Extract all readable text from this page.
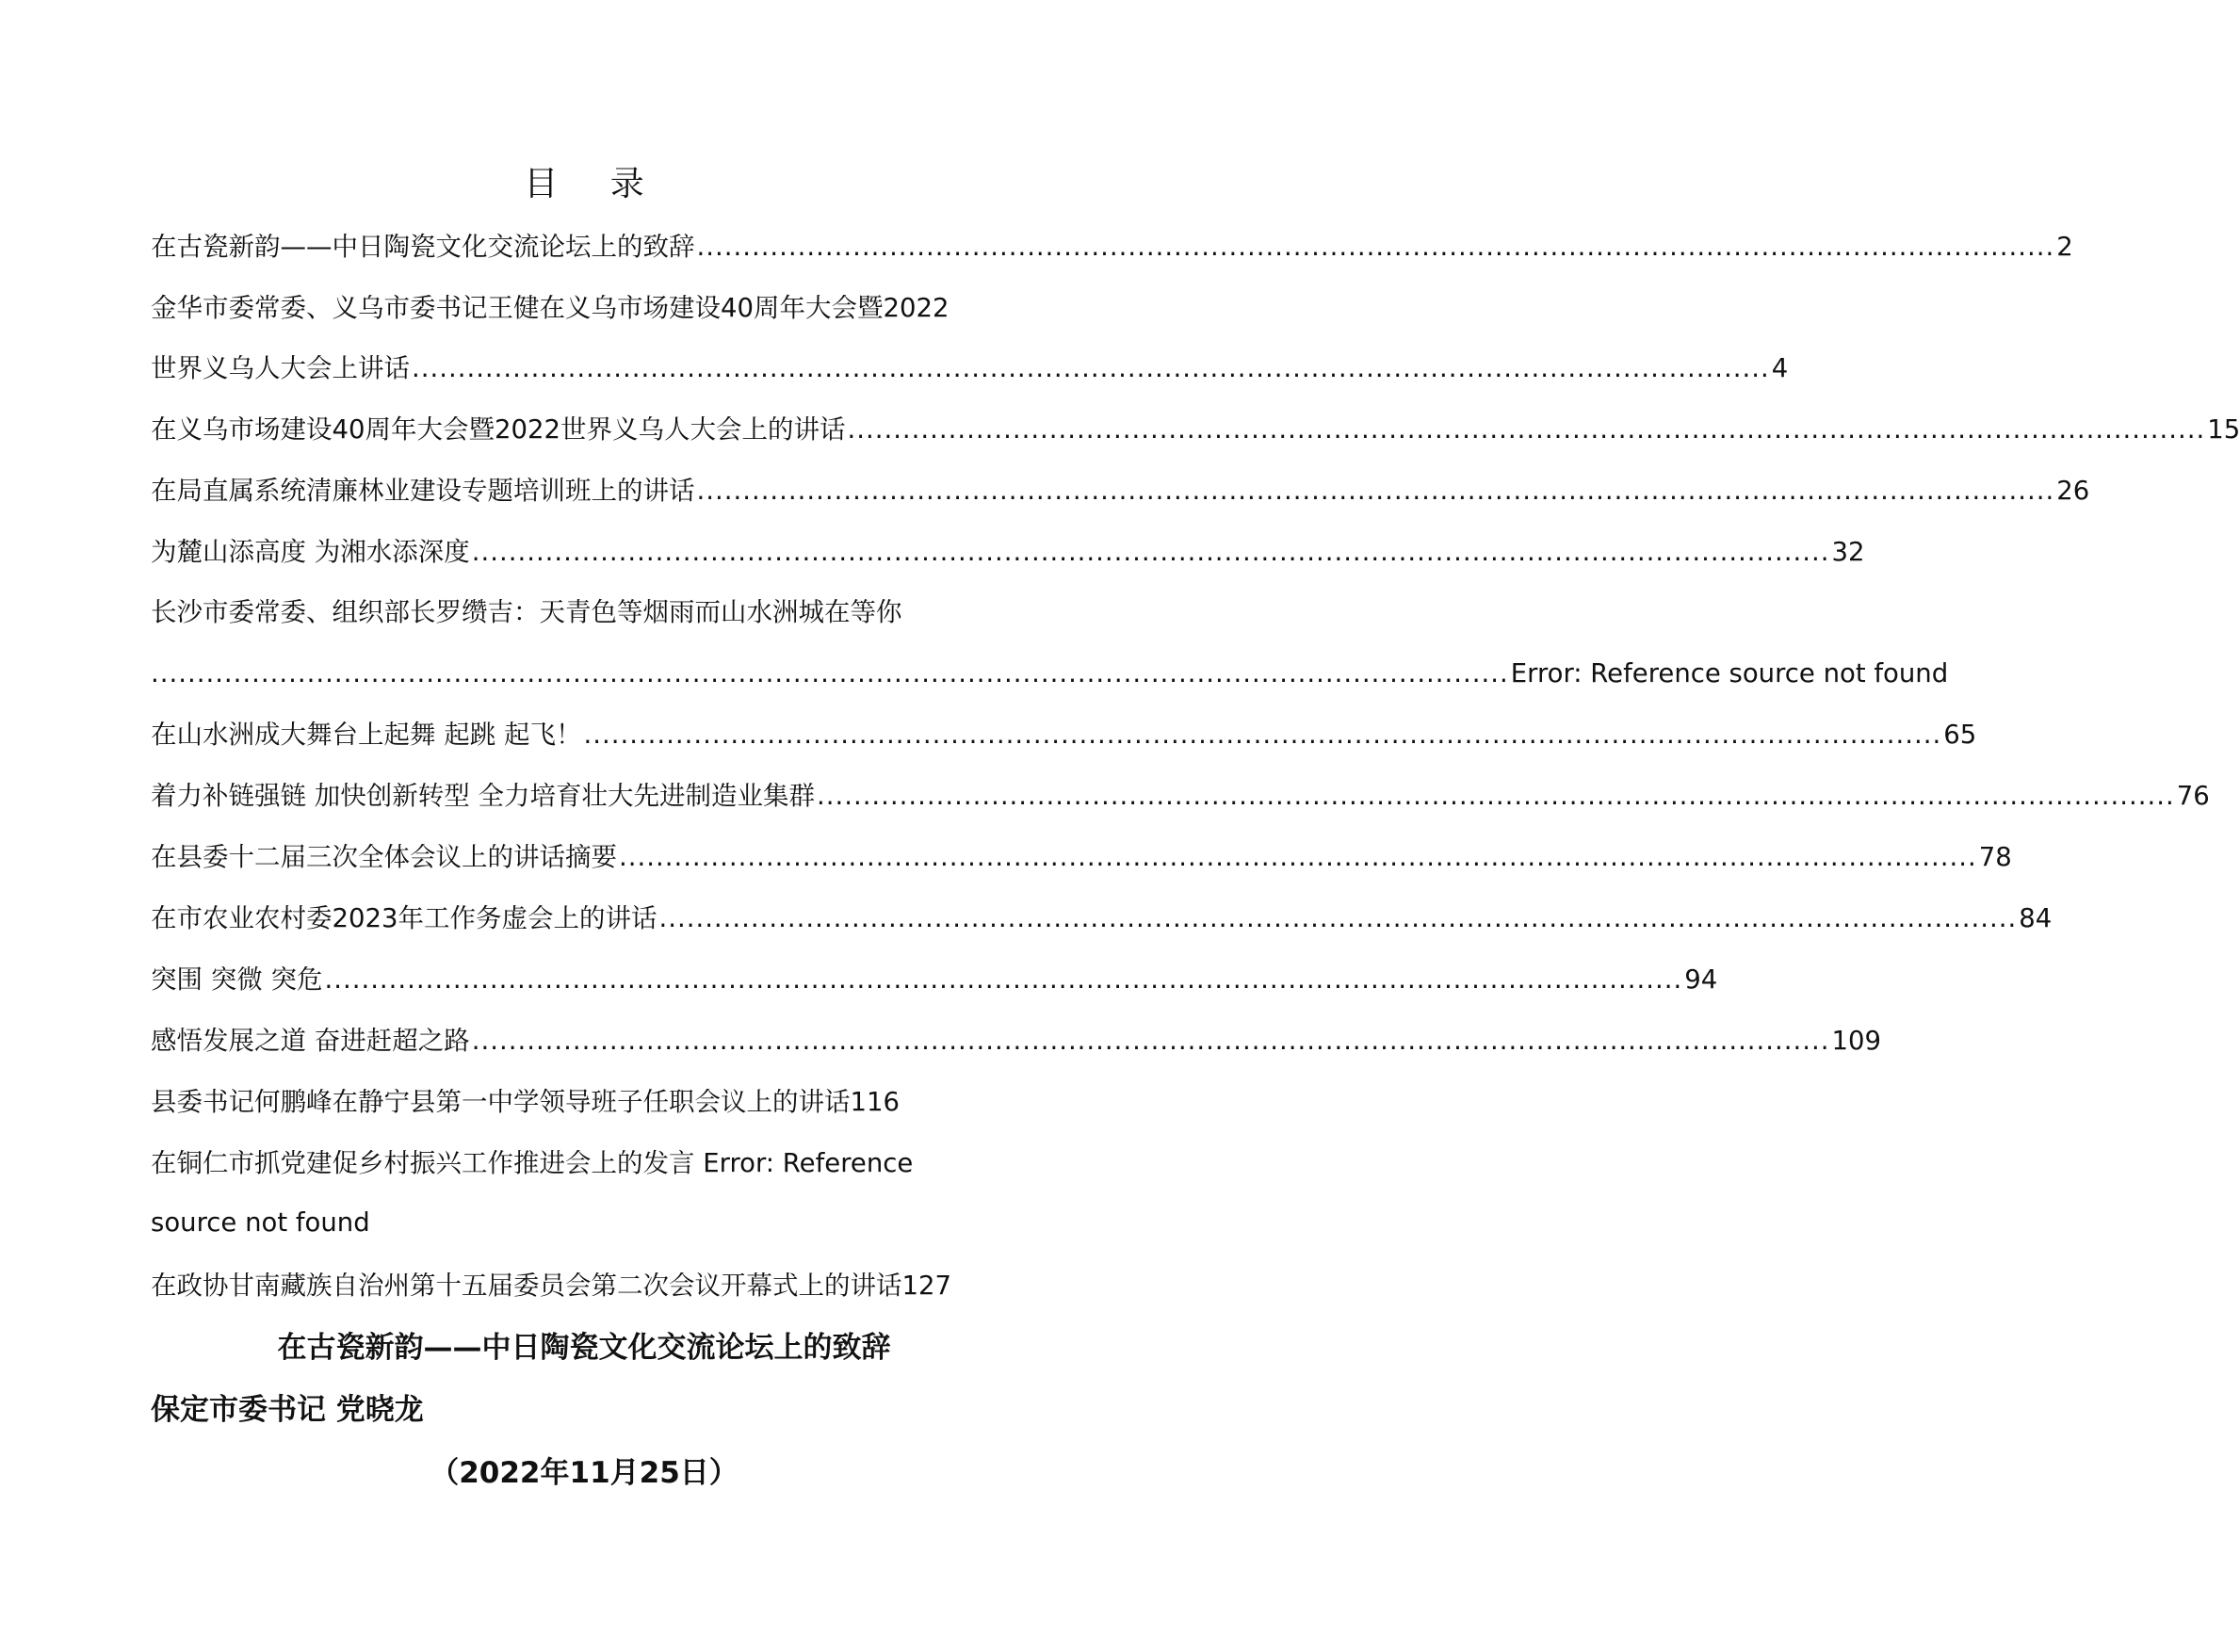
目 录
在古瓷新韵——中日陶瓷文化交流论坛上的致辞 .................................................................................................................................................... 2
金华市委常委、义乌市委书记王健在义乌市场建设40周年大会暨2022
世界义乌人大会上讲话 .................................................................................................................................................... 4
在义乌市场建设40周年大会暨2022世界义乌人大会上的讲话 .................................................................................................................................................... 15
在局直属系统清廉林业建设专题培训班上的讲话 .................................................................................................................................................... 26
为麓山添高度 为湘水添深度 .................................................................................................................................................... 32
长沙市委常委、组织部长罗缵吉：天青色等烟雨而山水洲城在等你
.................................................................................................................................................... Error: Reference source not found
在山水洲成大舞台上起舞 起跳 起飞！ .................................................................................................................................................... 65
着力补链强链 加快创新转型 全力培育壮大先进制造业集群 .................................................................................................................................................... 76
在县委十二届三次全体会议上的讲话摘要 .................................................................................................................................................... 78
在市农业农村委2023年工作务虚会上的讲话 .................................................................................................................................................... 84
突围 突微 突危 .................................................................................................................................................... 94
感悟发展之道 奋进赶超之路 .................................................................................................................................................... 109
县委书记何鹏峰在静宁县第一中学领导班子任职会议上的讲话116
在铜仁市抓党建促乡村振兴工作推进会上的发言 Error: Reference
source not found
在政协甘南藏族自治州第十五届委员会第二次会议开幕式上的讲话127
在古瓷新韵——中日陶瓷文化交流论坛上的致辞
保定市委书记 党晓龙
（2022年11月25日）
